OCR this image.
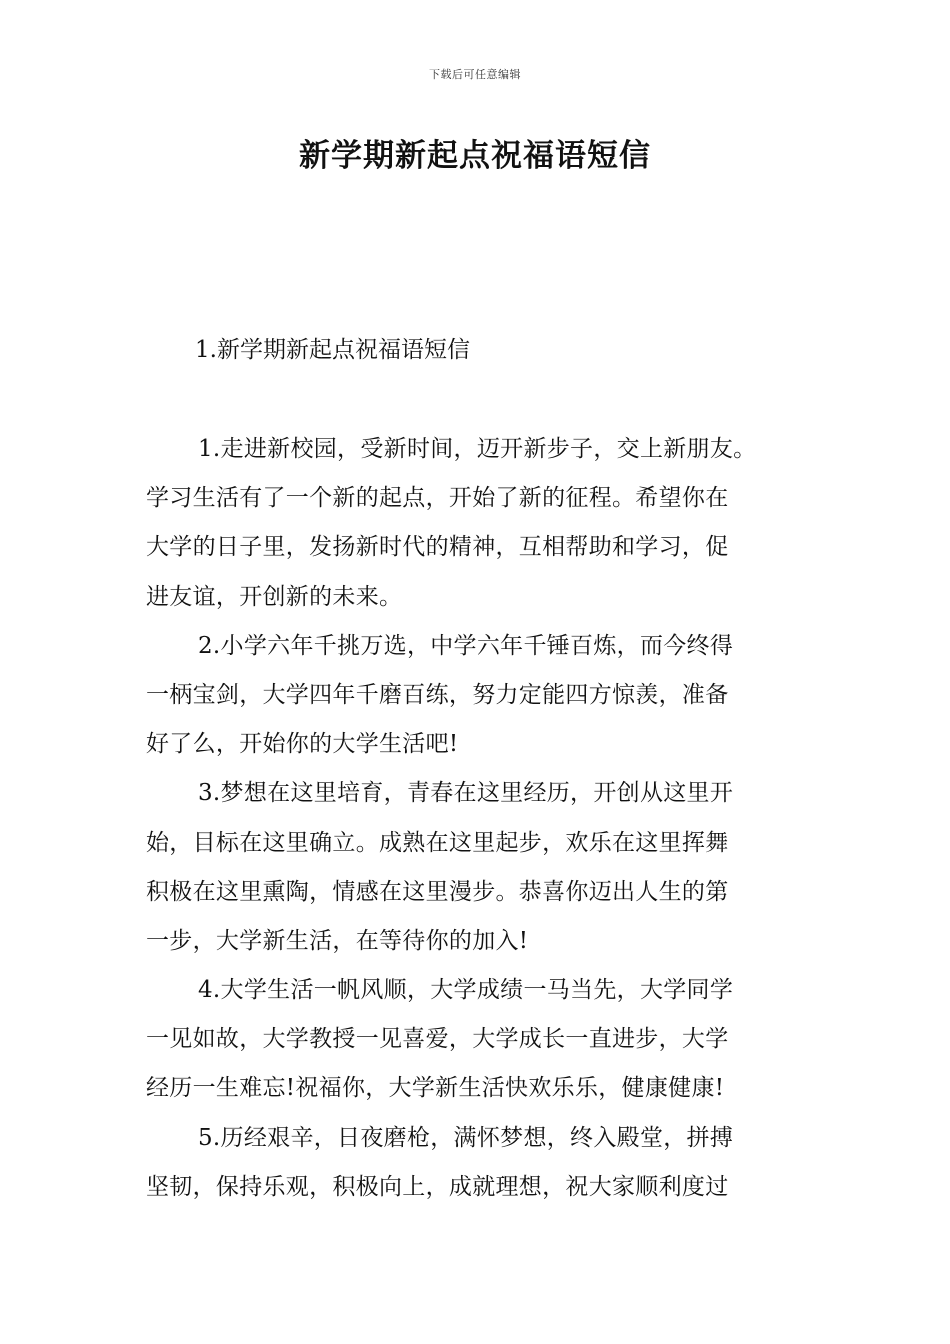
下载后可任意编辑
新学期新起点祝福语短信
1.新学期新起点祝福语短信
1.走进新校园，受新时间，迈开新步子，交上新朋友。
学习生活有了一个新的起点，开始了新的征程。希望你在
大学的日子里，发扬新时代的精神，互相帮助和学习，促
进友谊，开创新的未来。
2.小学六年千挑万选，中学六年千锤百炼，而今终得
一柄宝剑，大学四年千磨百练，努力定能四方惊羡，准备
好了么，开始你的大学生活吧!
3.梦想在这里培育，青春在这里经历，开创从这里开
始，目标在这里确立。成熟在这里起步，欢乐在这里挥舞
积极在这里熏陶，情感在这里漫步。恭喜你迈出人生的第
一步，大学新生活，在等待你的加入!
4.大学生活一帆风顺，大学成绩一马当先，大学同学
一见如故，大学教授一见喜爱，大学成长一直进步，大学
经历一生难忘!祝福你，大学新生活快欢乐乐，健康健康!
5.历经艰辛，日夜磨枪，满怀梦想，终入殿堂，拼搏
坚韧，保持乐观，积极向上，成就理想，祝大家顺利度过
